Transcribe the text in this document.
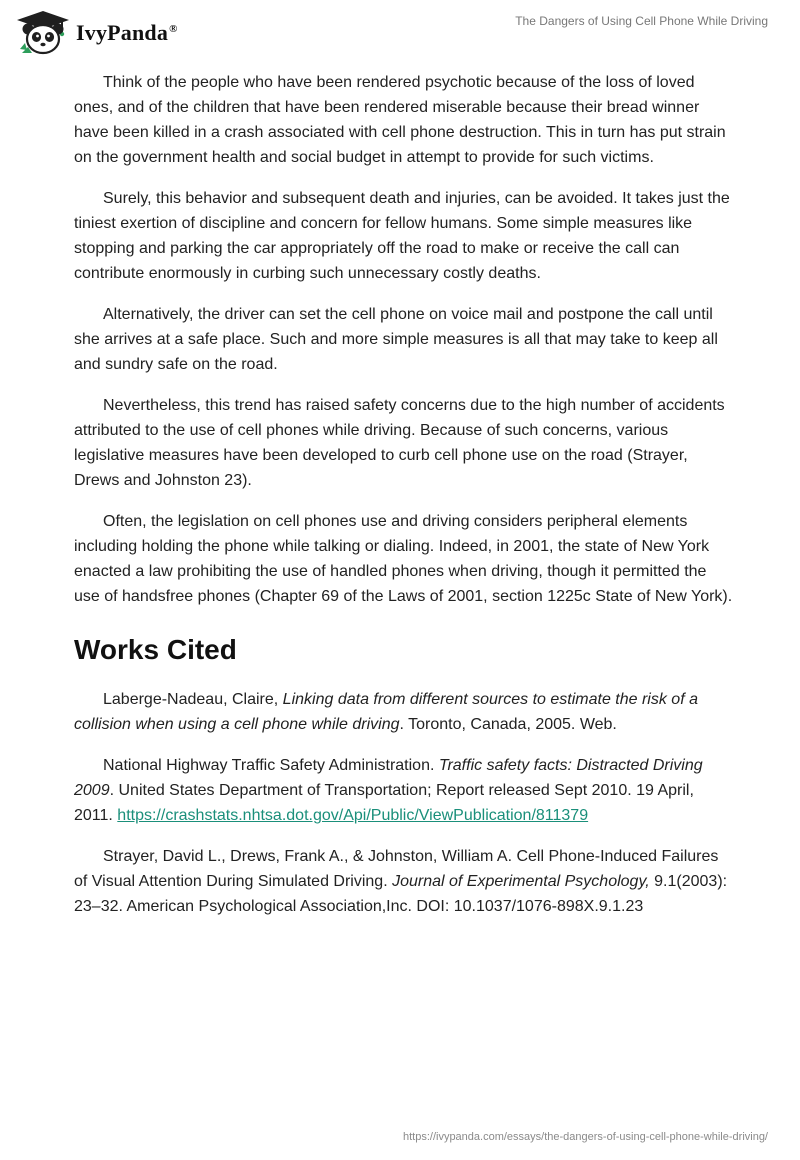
IvyPanda®
The Dangers of Using Cell Phone While Driving

Think of the people who have been rendered psychotic because of the loss of loved ones, and of the children that have been rendered miserable because their bread winner have been killed in a crash associated with cell phone destruction. This in turn has put strain on the government health and social budget in attempt to provide for such victims.

Surely, this behavior and subsequent death and injuries, can be avoided. It takes just the tiniest exertion of discipline and concern for fellow humans. Some simple measures like stopping and parking the car appropriately off the road to make or receive the call can contribute enormously in curbing such unnecessary costly deaths.

Alternatively, the driver can set the cell phone on voice mail and postpone the call until she arrives at a safe place. Such and more simple measures is all that may take to keep all and sundry safe on the road.

Nevertheless, this trend has raised safety concerns due to the high number of accidents attributed to the use of cell phones while driving. Because of such concerns, various legislative measures have been developed to curb cell phone use on the road (Strayer, Drews and Johnston 23).

Often, the legislation on cell phones use and driving considers peripheral elements including holding the phone while talking or dialing. Indeed, in 2001, the state of New York enacted a law prohibiting the use of handled phones when driving, though it permitted the use of handsfree phones (Chapter 69 of the Laws of 2001, section 1225c State of New York).

Works Cited

Laberge-Nadeau, Claire, Linking data from different sources to estimate the risk of a collision when using a cell phone while driving. Toronto, Canada, 2005. Web.

National Highway Traffic Safety Administration. Traffic safety facts: Distracted Driving 2009. United States Department of Transportation; Report released Sept 2010. 19 April, 2011. https://crashstats.nhtsa.dot.gov/Api/Public/ViewPublication/811379

Strayer, David L., Drews, Frank A., & Johnston, William A. Cell Phone-Induced Failures of Visual Attention During Simulated Driving. Journal of Experimental Psychology, 9.1(2003): 23–32. American Psychological Association,Inc. DOI: 10.1037/1076-898X.9.1.23

https://ivypanda.com/essays/the-dangers-of-using-cell-phone-while-driving/
